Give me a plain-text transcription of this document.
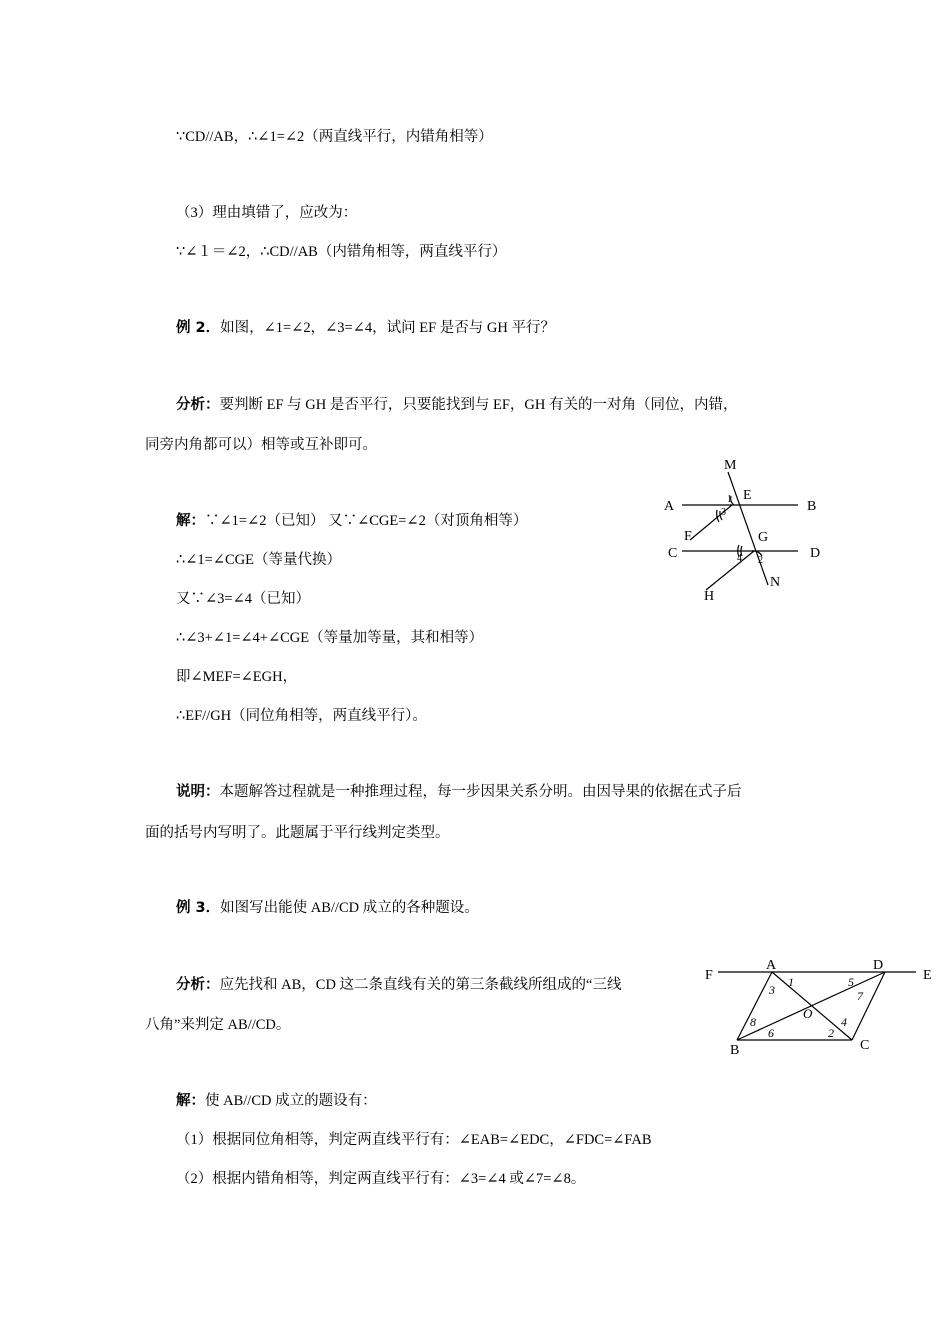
∵CD//AB，∴∠1=∠2（两直线平行，内错角相等）
（3）理由填错了，应改为：
∵∠１＝∠2，∴CD//AB（内错角相等，两直线平行）
例 2．如图，∠1=∠2，∠3=∠4，试问 EF 是否与 GH 平行？
分析：要判断 EF 与 GH 是否平行，只要能找到与 EF，GH 有关的一对角（同位，内错，
同旁内角都可以）相等或互补即可。
解：∵∠1=∠2（已知） 又∵∠CGE=∠2（对顶角相等）
∴∠1=∠CGE（等量代换）
又∵∠3=∠4（已知）
∴∠3+∠1=∠4+∠CGE（等量加等量，其和相等）
即∠MEF=∠EGH，
∴EF//GH（同位角相等，两直线平行）。
说明：本题解答过程就是一种推理过程，每一步因果关系分明。由因导果的依据在式子后
面的括号内写明了。此题属于平行线判定类型。
例 3．如图写出能使 AB//CD 成立的各种题设。
分析：应先找和 AB，CD 这二条直线有关的第三条截线所组成的“三线
八角”来判定 AB//CD。
解：使 AB//CD 成立的题设有：
（1）根据同位角相等，判定两直线平行有：∠EAB=∠EDC，∠FDC=∠FAB
（2）根据内错角相等，判定两直线平行有：∠3=∠4 或∠7=∠8。
M
A
E
B
F	G
C	D
H
N
1
2
3
4
F
A	D
E
1
3
5
7
O
8	4
6	2
B	C
